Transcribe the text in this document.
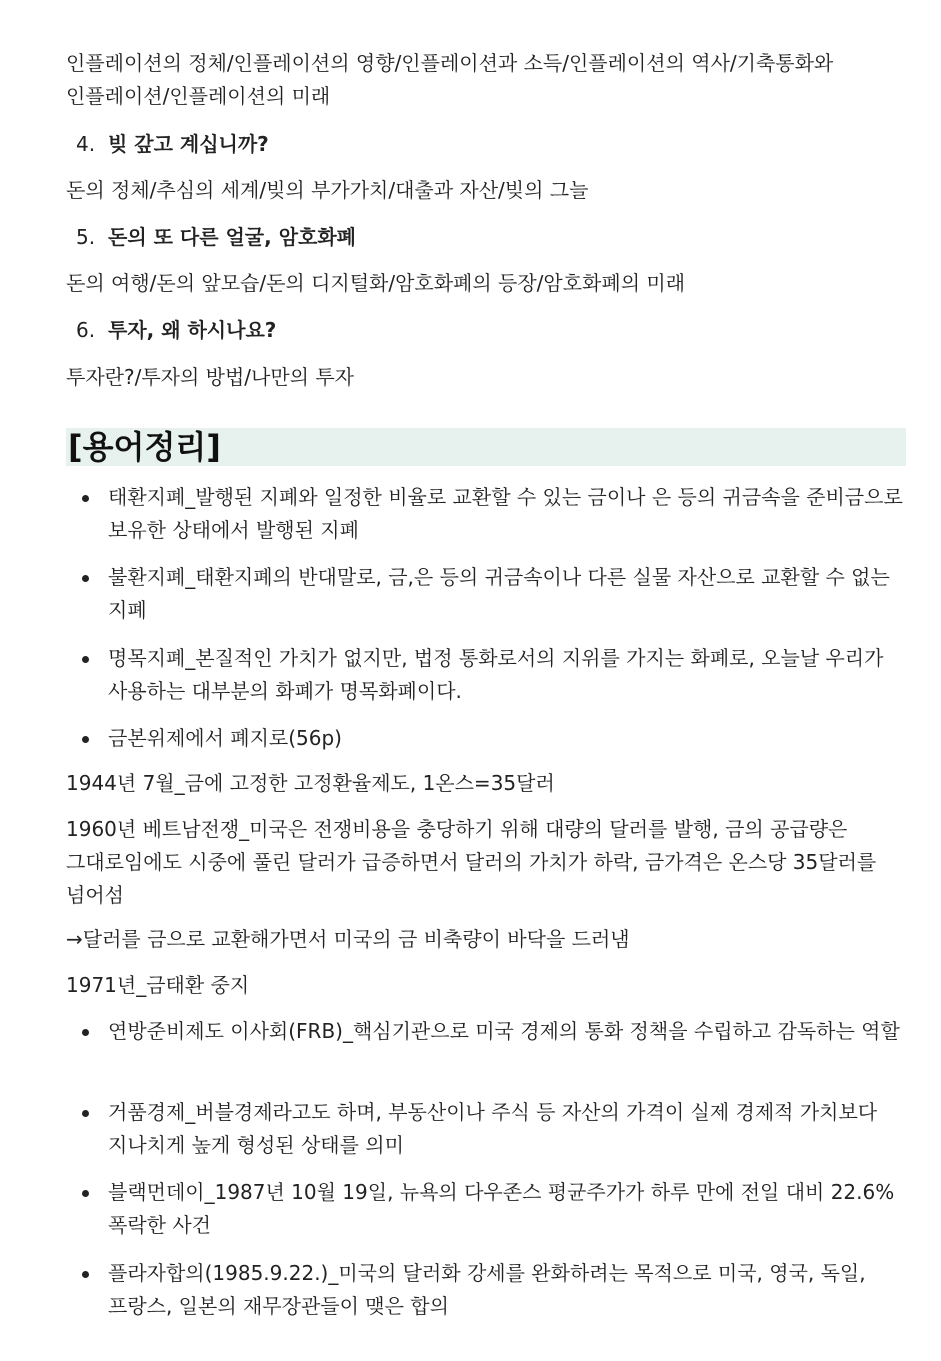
인플레이션의 정체/인플레이션의 영향/인플레이션과 소득/인플레이션의 역사/기축통화와 인플레이션/인플레이션의 미래

4. 빚 갚고 계십니까?

돈의 정체/추심의 세계/빚의 부가가치/대출과 자산/빚의 그늘

5. 돈의 또 다른 얼굴, 암호화폐

돈의 여행/돈의 앞모습/돈의 디지털화/암호화폐의 등장/암호화폐의 미래

6. 투자, 왜 하시나요?

투자란?/투자의 방법/나만의 투자

[용어정리]
태환지폐_발행된 지폐와 일정한 비율로 교환할 수 있는 금이나 은 등의 귀금속을 준비금으로 보유한 상태에서 발행된 지폐
불환지폐_태환지폐의 반대말로, 금,은 등의 귀금속이나 다른 실물 자산으로 교환할 수 없는 지폐
명목지폐_본질적인 가치가 없지만, 법정 통화로서의 지위를 가지는 화폐로, 오늘날 우리가 사용하는 대부분의 화폐가 명목화폐이다.
금본위제에서 폐지로(56p)

1944년 7월_금에 고정한 고정환율제도, 1온스=35달러

1960년 베트남전쟁_미국은 전쟁비용을 충당하기 위해 대량의 달러를 발행, 금의 공급량은 그대로임에도 시중에 풀린 달러가 급증하면서 달러의 가치가 하락, 금가격은 온스당 35달러를 넘어섬

→달러를 금으로 교환해가면서 미국의 금 비축량이 바닥을 드러냄

1971년_금태환 중지

연방준비제도 이사회(FRB)_핵심기관으로 미국 경제의 통화 정책을 수립하고 감독하는 역할
거품경제_버블경제라고도 하며, 부동산이나 주식 등 자산의 가격이 실제 경제적 가치보다 지나치게 높게 형성된 상태를 의미
블랙먼데이_1987년 10월 19일, 뉴욕의 다우존스 평균주가가 하루 만에 전일 대비 22.6% 폭락한 사건
플라자합의(1985.9.22.)_미국의 달러화 강세를 완화하려는 목적으로 미국, 영국, 독일, 프랑스, 일본의 재무장관들이 맺은 합의
